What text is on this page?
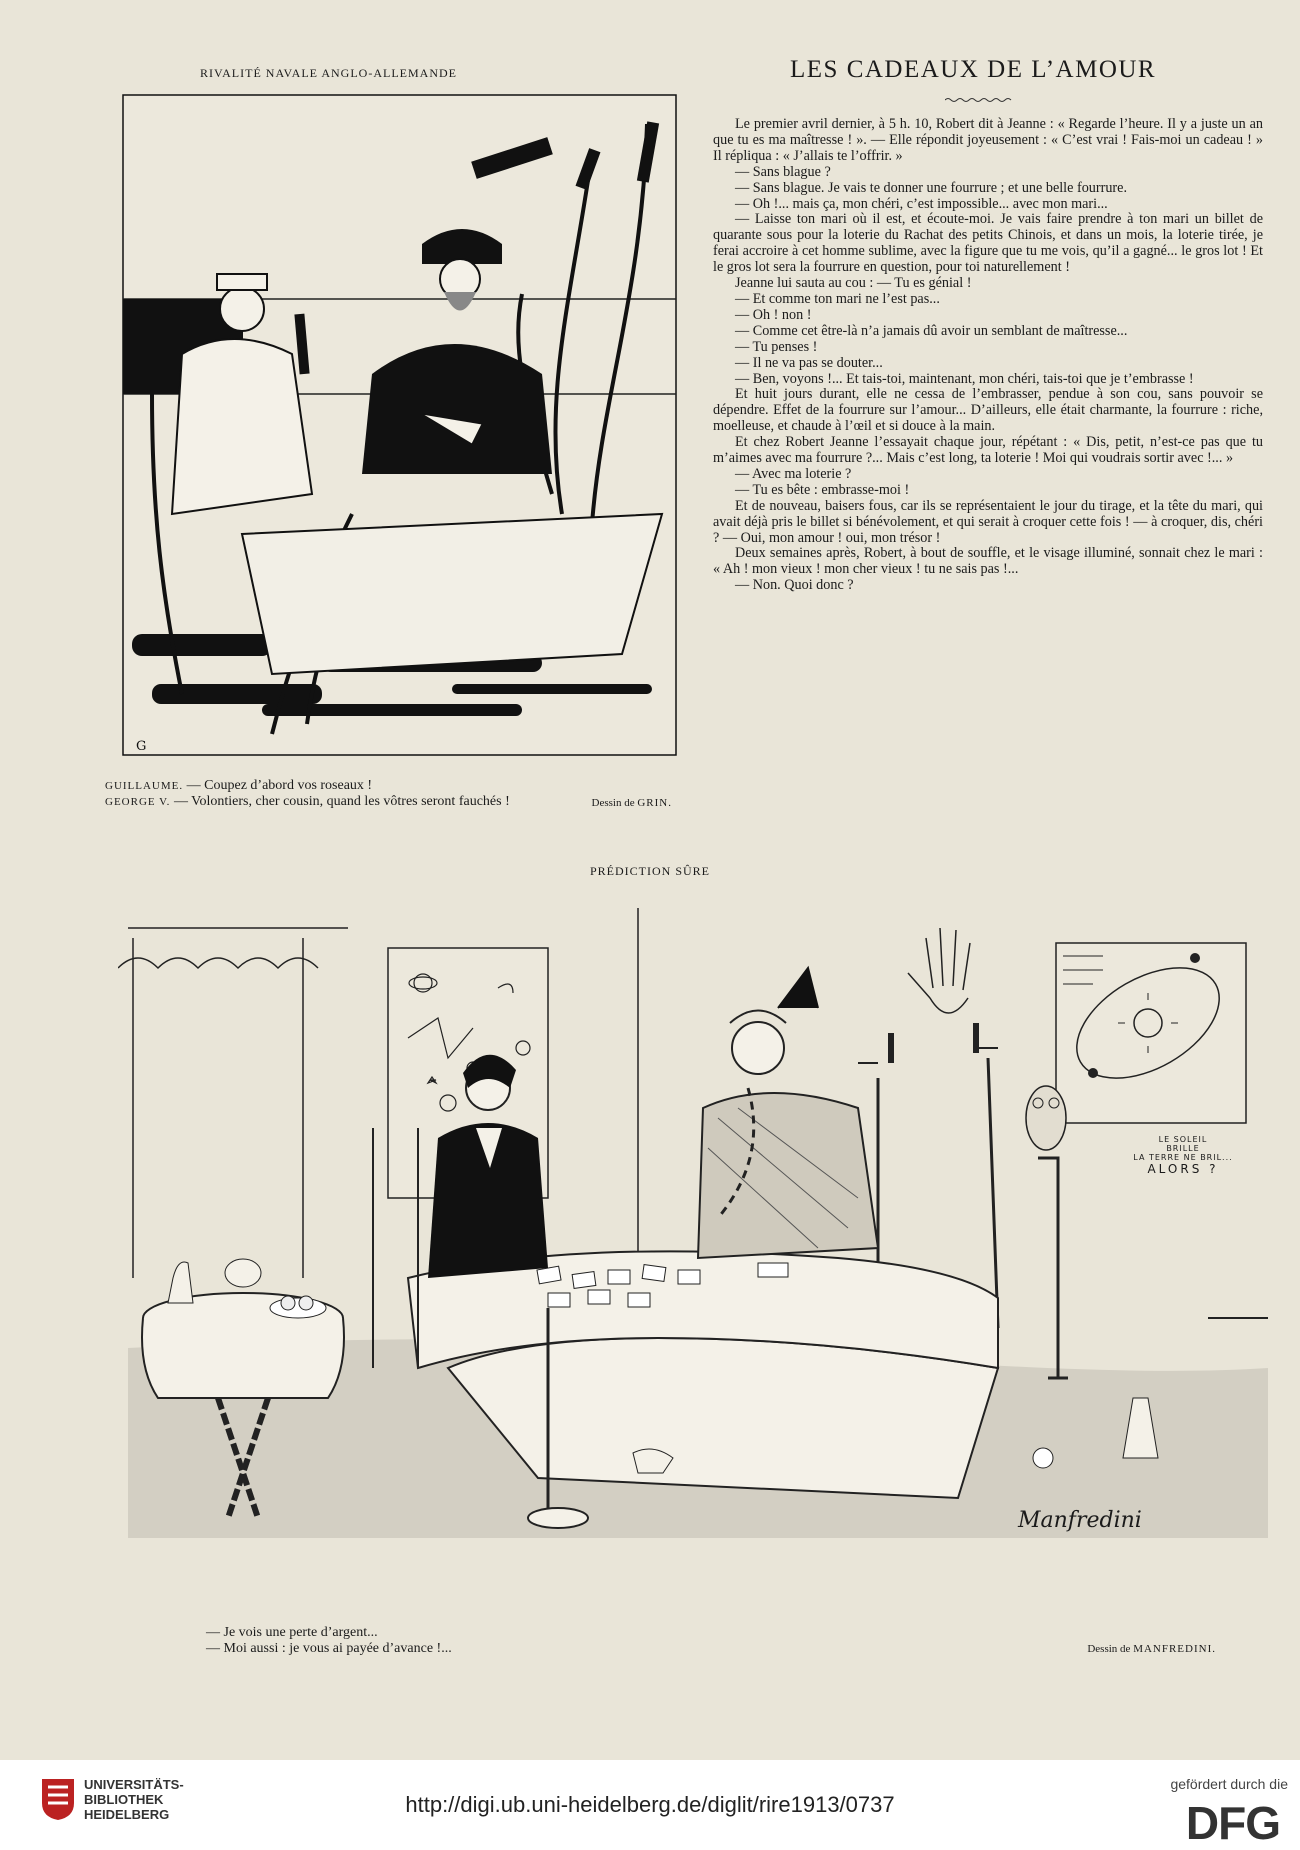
RIVALITÉ NAVALE ANGLO-ALLEMANDE	LES CADEAUX DE L’AMOUR
G
GUILLAUME. — Coupez d’abord vos roseaux !
GEORGE V. — Volontiers, cher cousin, quand les vôtres seront fauchés !	Dessin de GRIN.

Le premier avril dernier, à 5 h. 10, Robert dit à Jeanne : « Regarde l’heure. Il y a juste un an que tu es ma maîtresse ! ». — Elle répondit joyeusement : « C’est vrai ! Fais-moi un cadeau ! » Il répliqua : « J’allais te l’offrir. »

— Sans blague ?

— Sans blague. Je vais te donner une fourrure ; et une belle fourrure.

— Oh !... mais ça, mon chéri, c’est impossible... avec mon mari...

— Laisse ton mari où il est, et écoute-moi. Je vais faire prendre à ton mari un billet de quarante sous pour la loterie du Rachat des petits Chinois, et dans un mois, la loterie tirée, je ferai accroire à cet homme sublime, avec la figure que tu me vois, qu’il a gagné... le gros lot ! Et le gros lot sera la fourrure en question, pour toi naturellement !

Jeanne lui sauta au cou : — Tu es génial !

— Et comme ton mari ne l’est pas...

— Oh ! non !

— Comme cet être-là n’a jamais dû avoir un semblant de maîtresse...

— Tu penses !

— Il ne va pas se douter...

— Ben, voyons !... Et tais-toi, maintenant, mon chéri, tais-toi que je t’embrasse !

Et huit jours durant, elle ne cessa de l’embrasser, pendue à son cou, sans pouvoir se dépendre. Effet de la fourrure sur l’amour... D’ailleurs, elle était charmante, la fourrure : riche, moelleuse, et chaude à l’œil et si douce à la main.

Et chez Robert Jeanne l’essayait chaque jour, répétant : « Dis, petit, n’est-ce pas que tu m’aimes avec ma fourrure ?... Mais c’est long, ta loterie ! Moi qui voudrais sortir avec !... »

— Avec ma loterie ?

— Tu es bête : embrasse-moi !

Et de nouveau, baisers fous, car ils se représentaient le jour du tirage, et la tête du mari, qui avait déjà pris le billet si bénévolement, et qui serait à croquer cette fois ! — à croquer, dis, chéri ? — Oui, mon amour ! oui, mon trésor !

Deux semaines après, Robert, à bout de souffle, et le visage illuminé, sonnait chez le mari : « Ah ! mon vieux ! mon cher vieux ! tu ne sais pas !...

— Non. Quoi donc ?

PRÉDICTION SÛRE
LE SOLEIL
BRILLE
LA TERRE NE BRIL...
ALORS ?
Manfredini
— Je vois une perte d’argent...
— Moi aussi : je vous ai payée d’avance !...	Dessin de MANFREDINI.
UNIVERSITÄTS-
BIBLIOTHEK
HEIDELBERG	http://digi.ub.uni-heidelberg.de/diglit/rire1913/0737
gefördert durch die
DFG
